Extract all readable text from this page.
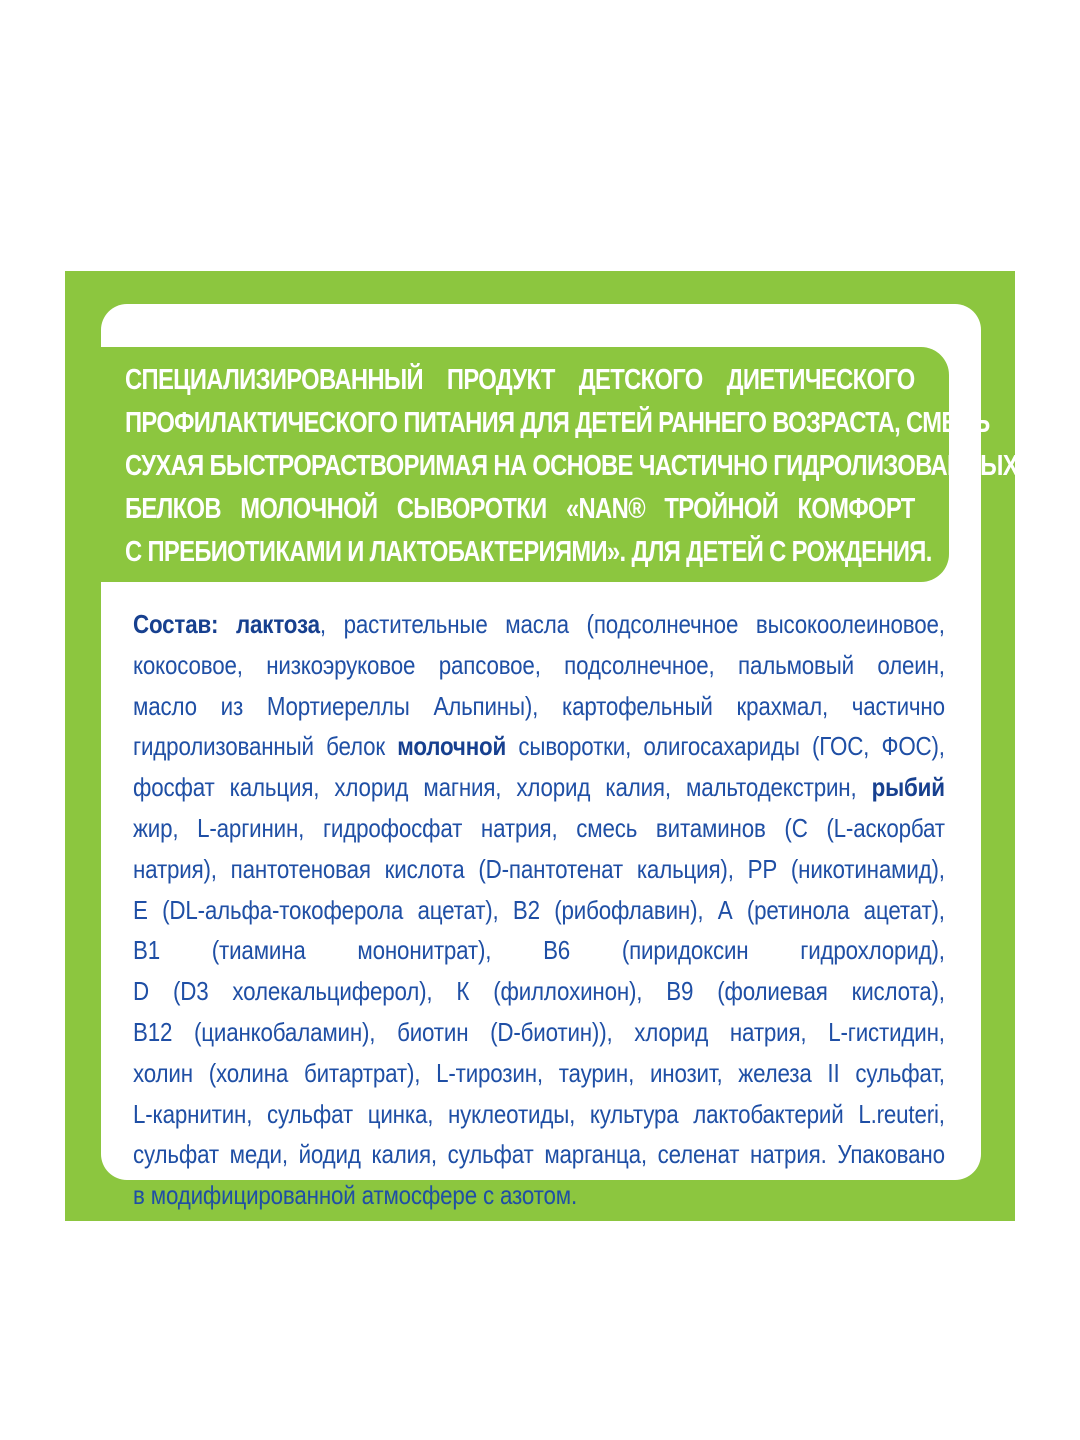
СПЕЦИАЛИЗИРОВАННЫЙ ПРОДУКТ ДЕТСКОГО ДИЕТИЧЕСКОГО
ПРОФИЛАКТИЧЕСКОГО ПИТАНИЯ ДЛЯ ДЕТЕЙ РАННЕГО ВОЗРАСТА, СМЕСЬ
СУХАЯ БЫСТРОРАСТВОРИМАЯ НА ОСНОВЕ ЧАСТИЧНО ГИДРОЛИЗОВАННЫХ
БЕЛКОВ МОЛОЧНОЙ СЫВОРОТКИ «NAN® ТРОЙНОЙ КОМФОРТ
С ПРЕБИОТИКАМИ И ЛАКТОБАКТЕРИЯМИ». ДЛЯ ДЕТЕЙ С РОЖДЕНИЯ.
Состав: лактоза, растительные масла (подсолнечное высокоолеиновое,
кокосовое, низкоэруковое рапсовое, подсолнечное, пальмовый олеин,
масло из Мортиереллы Альпины), картофельный крахмал, частично
гидролизованный белок молочной сыворотки, олигосахариды (ГОС, ФОС),
фосфат кальция, хлорид магния, хлорид калия, мальтодекстрин, рыбий
жир, L-аргинин, гидрофосфат натрия, смесь витаминов (С (L-аскорбат
натрия), пантотеновая кислота (D-пантотенат кальция), РР (никотинамид),
Е (DL-альфа-токоферола ацетат), В2 (рибофлавин), А (ретинола ацетат),
В1 (тиамина мононитрат), В6 (пиридоксин гидрохлорид),
D (D3 холекальциферол), К (филлохинон), В9 (фолиевая кислота),
В12 (цианкобаламин), биотин (D-биотин)), хлорид натрия, L-гистидин,
холин (холина битартрат), L-тирозин, таурин, инозит, железа II сульфат,
L-карнитин, сульфат цинка, нуклеотиды, культура лактобактерий L.reuteri,
сульфат меди, йодид калия, сульфат марганца, селенат натрия. Упаковано
в модифицированной атмосфере с азотом.
